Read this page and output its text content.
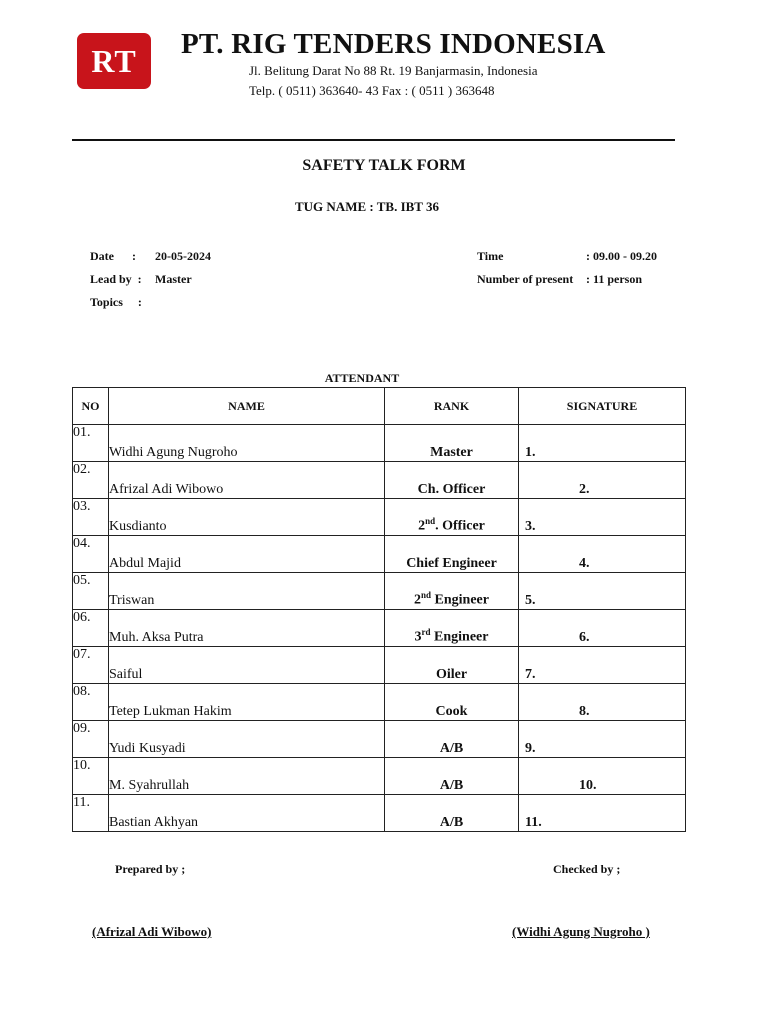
RT	PT. RIG TENDERS INDONESIA
Jl. Belitung Darat No 88 Rt. 19 Banjarmasin, Indonesia
Telp. ( 0511) 363640- 43 Fax : ( 0511 ) 363648
SAFETY TALK FORM
TUG NAME : TB. IBT 36
Date      : 20-05-2024
Lead by  : Master
Topics     :
Time	: 09.00 - 09.20
Number of present : 11 person
ATTENDANT
NO	NAME	RANK	SIGNATURE
01.	Widhi Agung Nugroho	Master	1.
02.	Afrizal Adi Wibowo	Ch. Officer	2.
03.	Kusdianto	2nd. Officer	3.
04.	Abdul Majid	Chief Engineer	4.
05.	Triswan	2nd Engineer	5.
06.	Muh. Aksa Putra	3rd Engineer	6.
07.	Saiful	Oiler	7.
08.	Tetep Lukman Hakim	Cook	8.
09.	Yudi Kusyadi	A/B	9.
10.	M. Syahrullah	A/B	10.
11.	Bastian Akhyan	A/B	11.
Prepared by ;	Checked by ;
(Afrizal Adi Wibowo)	(Widhi Agung Nugroho )
